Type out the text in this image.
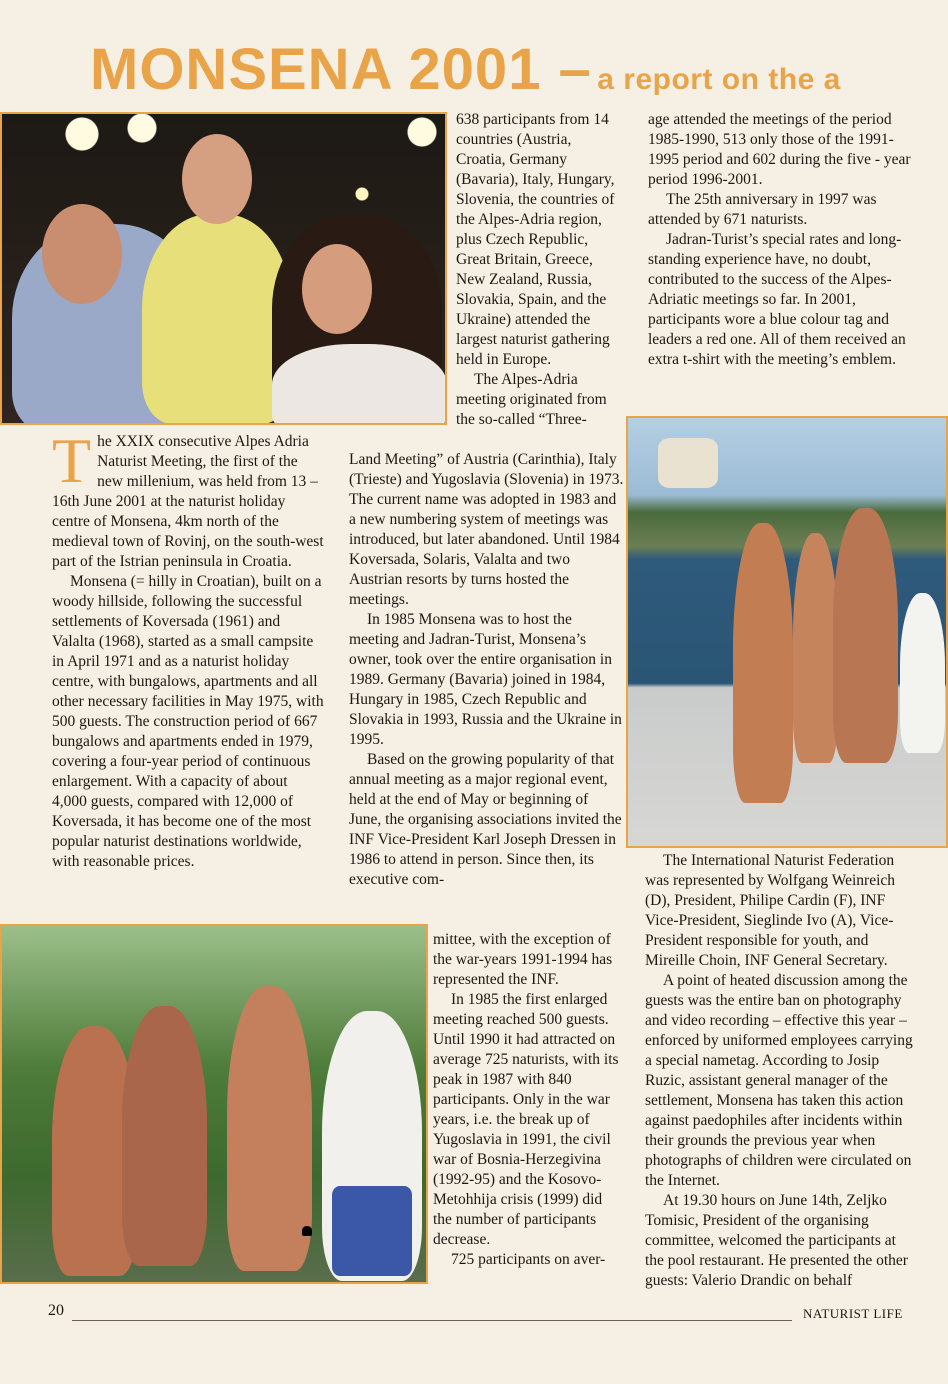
MONSENA 2001 – a report on the a

T he XXIX consecutive Alpes Adria Naturist Meeting, the first of the new millenium, was held from 13 – 16th June 2001 at the naturist holiday centre of Monsena, 4km north of the medieval town of Rovinj, on the south-west part of the Istrian peninsula in Croatia.

Monsena (= hilly in Croatian), built on a woody hillside, following the successful settlements of Koversada (1961) and Valalta (1968), started as a small campsite in April 1971 and as a naturist holiday centre, with bungalows, apartments and all other necessary facilities in May 1975, with 500 guests. The construction period of 667 bungalows and apartments ended in 1979, covering a four-year period of continuous enlargement. With a capacity of about 4,000 guests, compared with 12,000 of Koversada, it has become one of the most popular naturist destinations worldwide, with reasonable prices.

638 participants from 14 countries (Austria, Croatia, Germany (Bavaria), Italy, Hungary, Slovenia, the countries of the Alpes-Adria region, plus Czech Republic, Great Britain, Greece, New Zealand, Russia, Slovakia, Spain, and the Ukraine) attended the largest naturist gathering held in Europe.

The Alpes-Adria meeting originated from the so-called “Three-

Land Meeting” of Austria (Carinthia), Italy (Trieste) and Yugoslavia (Slovenia) in 1973. The current name was adopted in 1983 and a new numbering system of meetings was introduced, but later abandoned. Until 1984 Koversada, Solaris, Valalta and two Austrian resorts by turns hosted the meetings.

In 1985 Monsena was to host the meeting and Jadran-Turist, Monsena’s owner, took over the entire organisation in 1989. Germany (Bavaria) joined in 1984, Hungary in 1985, Czech Republic and Slovakia in 1993, Russia and the Ukraine in 1995.

Based on the growing popularity of that annual meeting as a major regional event, held at the end of May or beginning of June, the organising associations invited the INF Vice-President Karl Joseph Dressen in 1986 to attend in person. Since then, its executive com-

mittee, with the exception of the war-years 1991-1994 has represented the INF.

In 1985 the first enlarged meeting reached 500 guests. Until 1990 it had attracted on average 725 naturists, with its peak in 1987 with 840 participants. Only in the war years, i.e. the break up of Yugoslavia in 1991, the civil war of Bosnia-Herzegivina (1992-95) and the Kosovo-Metohhija crisis (1999) did the number of participants decrease.

725 participants on aver-

age attended the meetings of the period 1985-1990, 513 only those of the 1991-1995 period and 602 during the five - year period 1996-2001.

The 25th anniversary in 1997 was attended by 671 naturists.

Jadran-Turist’s special rates and long-standing experience have, no doubt, contributed to the success of the Alpes-Adriatic meetings so far. In 2001, participants wore a blue colour tag and leaders a red one. All of them received an extra t-shirt with the meeting’s emblem.

The International Naturist Federation was represented by Wolfgang Weinreich (D), President, Philipe Cardin (F), INF Vice-President, Sieglinde Ivo (A), Vice-President responsible for youth, and Mireille Choin, INF General Secretary.

A point of heated discussion among the guests was the entire ban on photography and video recording – effective this year – enforced by uniformed employees carrying a special nametag. According to Josip Ruzic, assistant general manager of the settlement, Monsena has taken this action against paedophiles after incidents within their grounds the previous year when photographs of children were circulated on the Internet.

At 19.30 hours on June 14th, Zeljko Tomisic, President of the organising committee, welcomed the participants at the pool restaurant. He presented the other guests: Valerio Drandic on behalf

20	NATURIST LIFE
